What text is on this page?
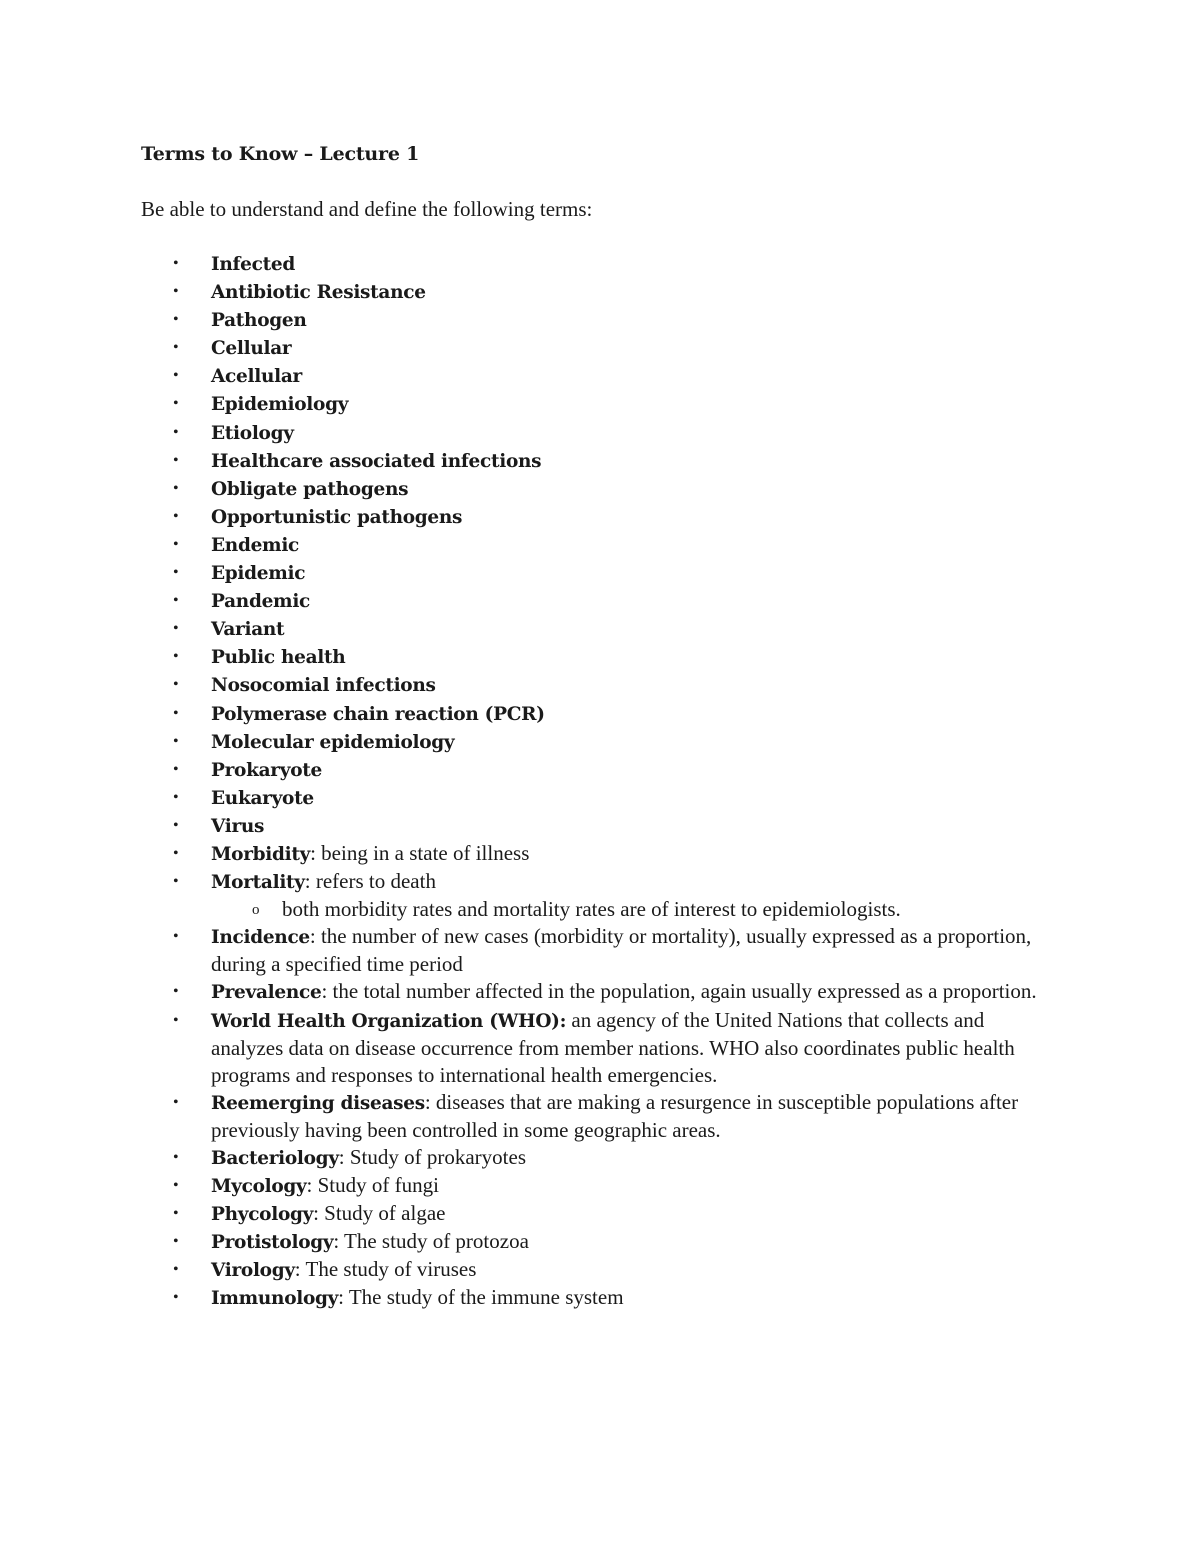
Terms to Know – Lecture 1

Be able to understand and define the following terms:

• Infected
• Antibiotic Resistance
• Pathogen
• Cellular
• Acellular
• Epidemiology
• Etiology
• Healthcare associated infections
• Obligate pathogens
• Opportunistic pathogens
• Endemic
• Epidemic
• Pandemic
• Variant
• Public health
• Nosocomial infections
• Polymerase chain reaction (PCR)
• Molecular epidemiology
• Prokaryote
• Eukaryote
• Virus
• Morbidity: being in a state of illness
• Mortality: refers to death
o both morbidity rates and mortality rates are of interest to epidemiologists.
• Incidence: the number of new cases (morbidity or mortality), usually expressed as a proportion, during a specified time period
• Prevalence: the total number affected in the population, again usually expressed as a proportion.
• World Health Organization (WHO): an agency of the United Nations that collects and analyzes data on disease occurrence from member nations. WHO also coordinates public health programs and responses to international health emergencies.
• Reemerging diseases: diseases that are making a resurgence in susceptible populations after previously having been controlled in some geographic areas.
• Bacteriology: Study of prokaryotes
• Mycology: Study of fungi
• Phycology: Study of algae
• Protistology: The study of protozoa
• Virology: The study of viruses
• Immunology: The study of the immune system
